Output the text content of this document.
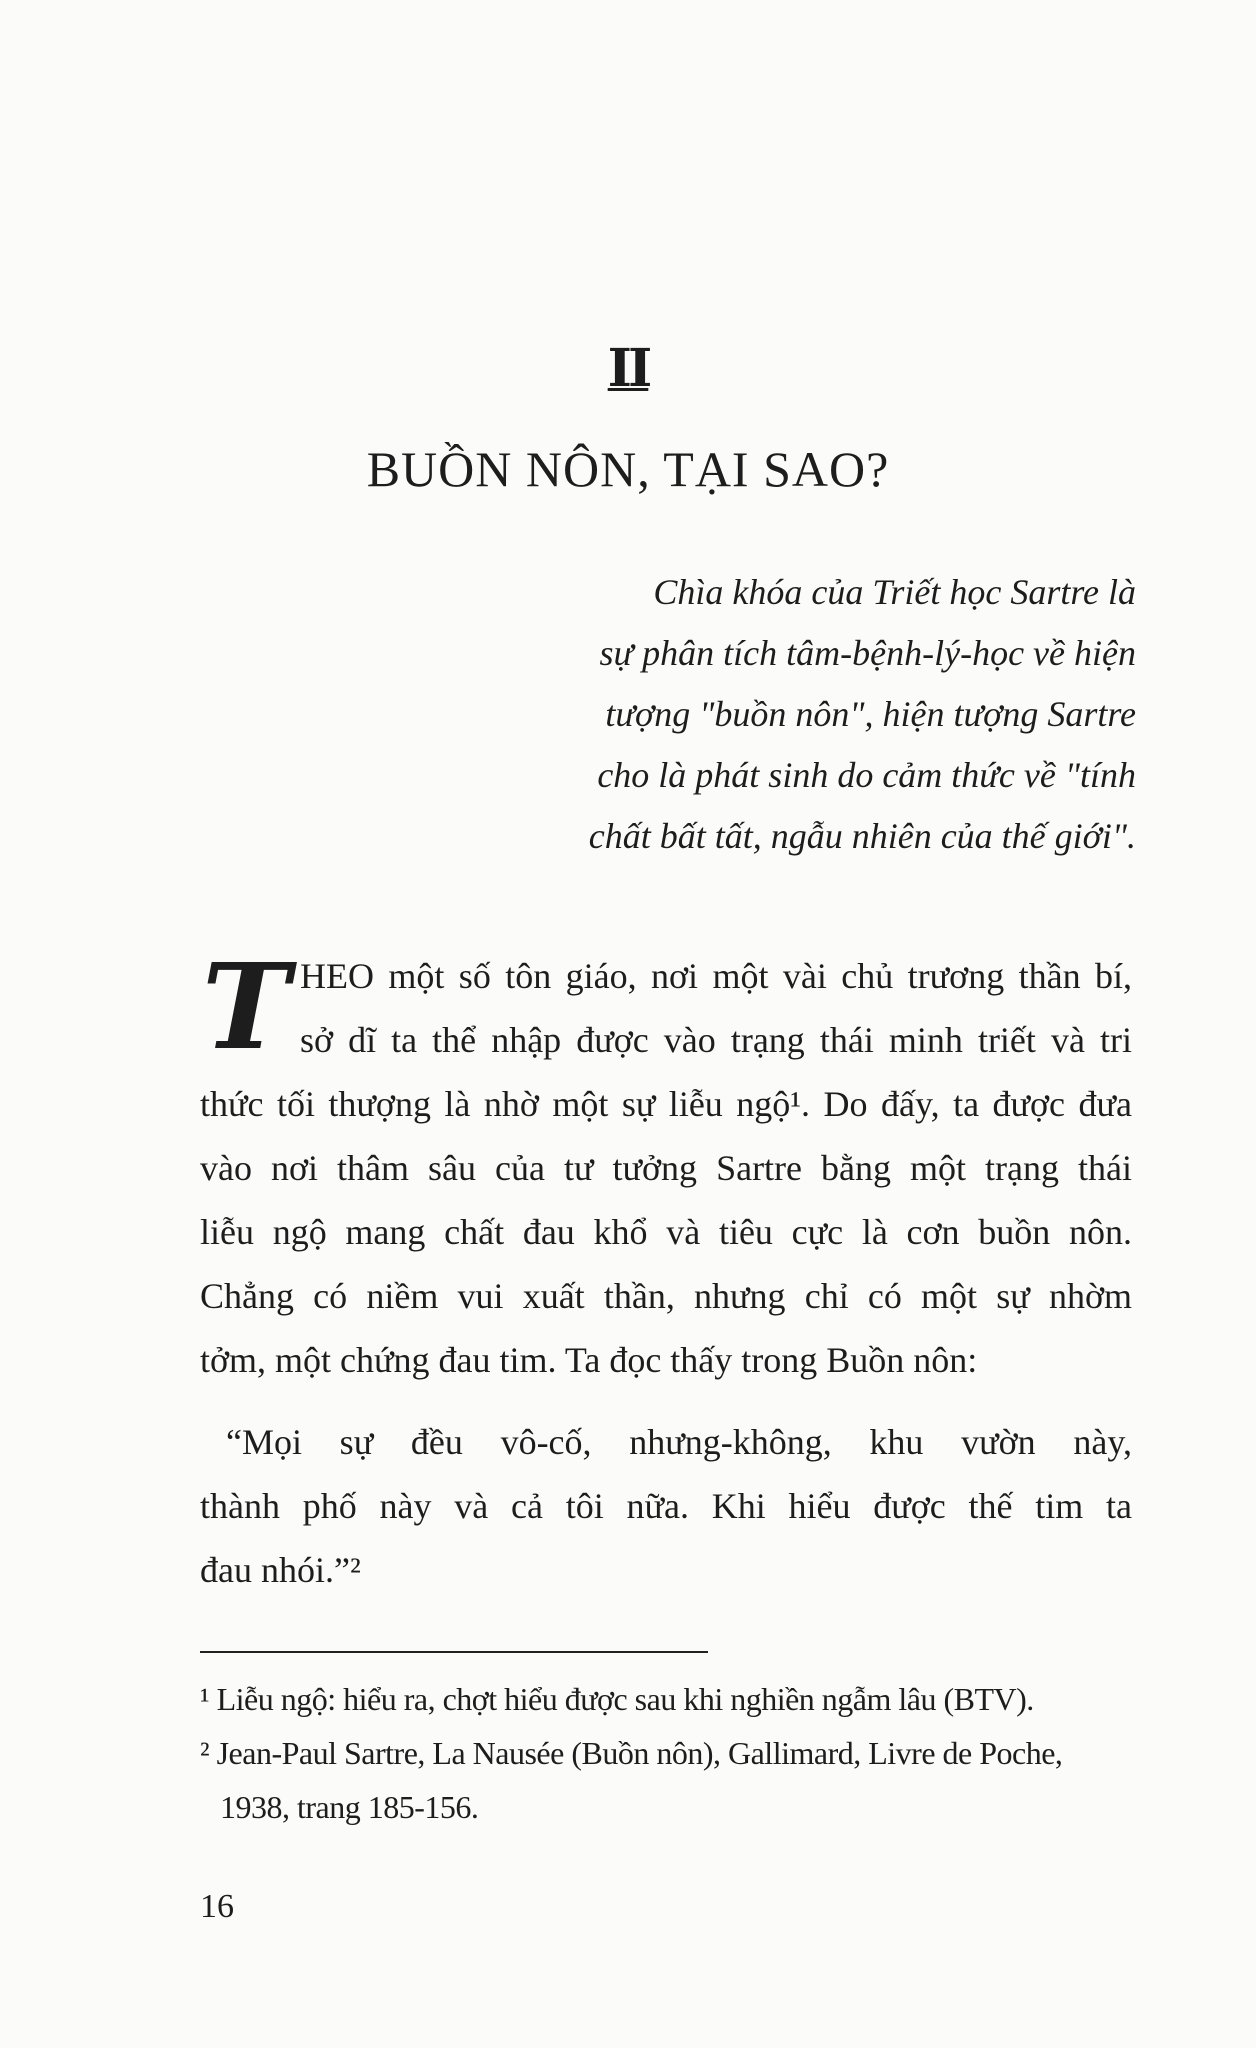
II
BUỒN NÔN, TẠI SAO?
Chìa khóa của Triết học Sartre là
sự phân tích tâm-bệnh-lý-học về hiện
tượng "buồn nôn", hiện tượng Sartre
cho là phát sinh do cảm thức về "tính
chất bất tất, ngẫu nhiên của thế giới".
T HEO một số tôn giáo, nơi một vài chủ trương thần bí,
sở dĩ ta thể nhập được vào trạng thái minh triết và tri
thức tối thượng là nhờ một sự liễu ngộ¹. Do đấy, ta được đưa
vào nơi thâm sâu của tư tưởng Sartre bằng một trạng thái
liễu ngộ mang chất đau khổ và tiêu cực là cơn buồn nôn.
Chẳng có niềm vui xuất thần, nhưng chỉ có một sự nhờm
tởm, một chứng đau tim. Ta đọc thấy trong Buồn nôn:
“Mọi sự đều vô-cố, nhưng-không, khu vườn này,
thành phố này và cả tôi nữa. Khi hiểu được thế tim ta
đau nhói.”²
¹ Liễu ngộ: hiểu ra, chợt hiểu được sau khi nghiền ngẫm lâu (BTV).
² Jean-Paul Sartre, La Nausée (Buồn nôn), Gallimard, Livre de Poche,
1938, trang 185-156.
16
